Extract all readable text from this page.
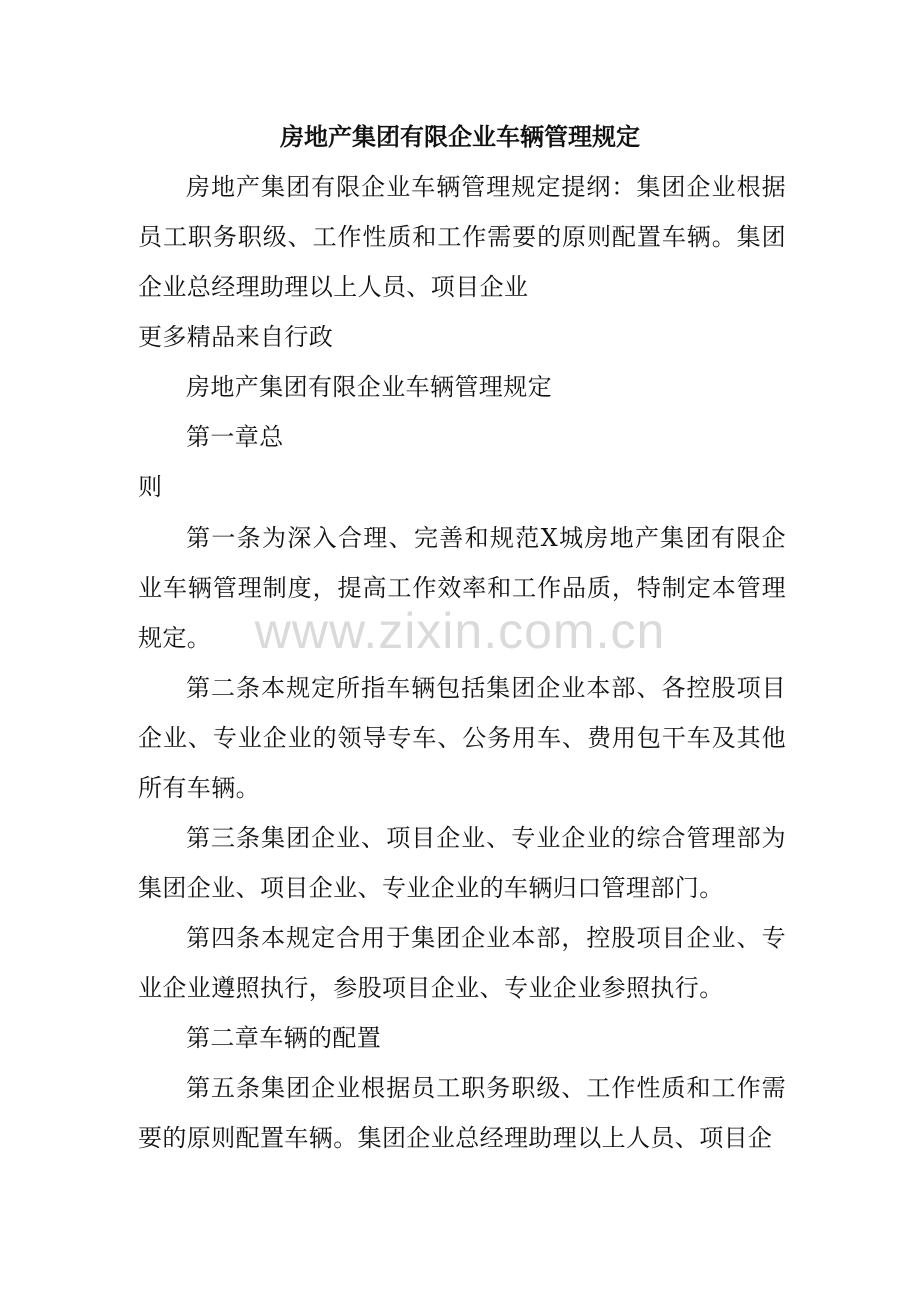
房地产集团有限企业车辆管理规定

房地产集团有限企业车辆管理规定提纲：集团企业根据员工职务职级、工作性质和工作需要的原则配置车辆。集团企业总经理助理以上人员、项目企业

更多精品来自行政

房地产集团有限企业车辆管理规定

第一章总

则

第一条为深入合理、完善和规范X城房地产集团有限企业车辆管理制度，提高工作效率和工作品质，特制定本管理规定。

第二条本规定所指车辆包括集团企业本部、各控股项目企业、专业企业的领导专车、公务用车、费用包干车及其他所有车辆。

第三条集团企业、项目企业、专业企业的综合管理部为集团企业、项目企业、专业企业的车辆归口管理部门。

第四条本规定合用于集团企业本部，控股项目企业、专业企业遵照执行，参股项目企业、专业企业参照执行。

第二章车辆的配置

第五条集团企业根据员工职务职级、工作性质和工作需要的原则配置车辆。集团企业总经理助理以上人员、项目企

www.zixin.com.cn
